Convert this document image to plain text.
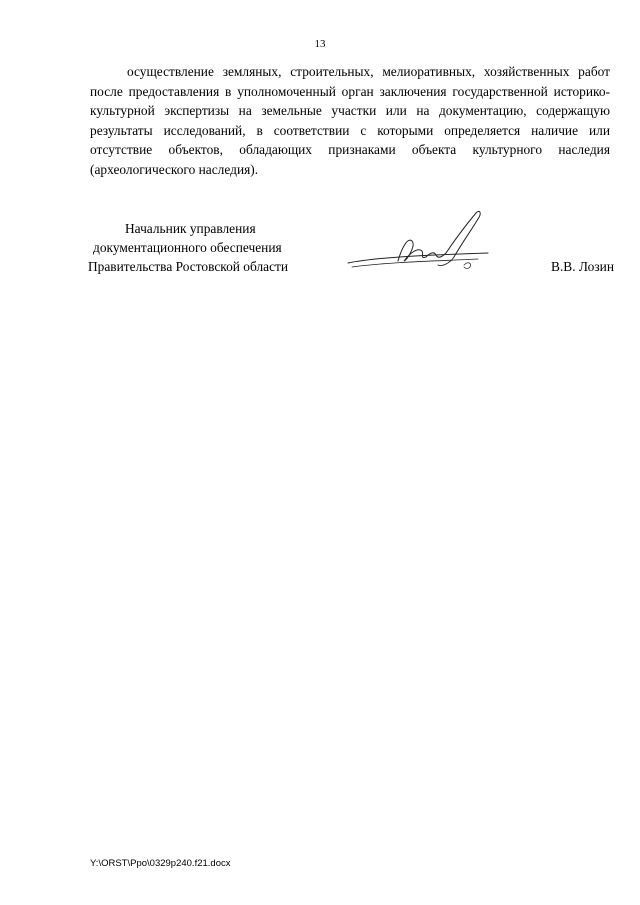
13

осуществление земляных, строительных, мелиоративных, хозяйственных работ после предоставления в уполномоченный орган заключения государственной историко-культурной экспертизы на земельные участки или на документацию, содержащую результаты исследований, в соответствии с которыми определяется наличие или отсутствие объектов, обладающих признаками объекта культурного наследия (археологического наследия).

Начальник управления
документационного обеспечения
Правительства Ростовской области	В.В. Лозин
Y:\ORST\Ppo\0329p240.f21.docx
